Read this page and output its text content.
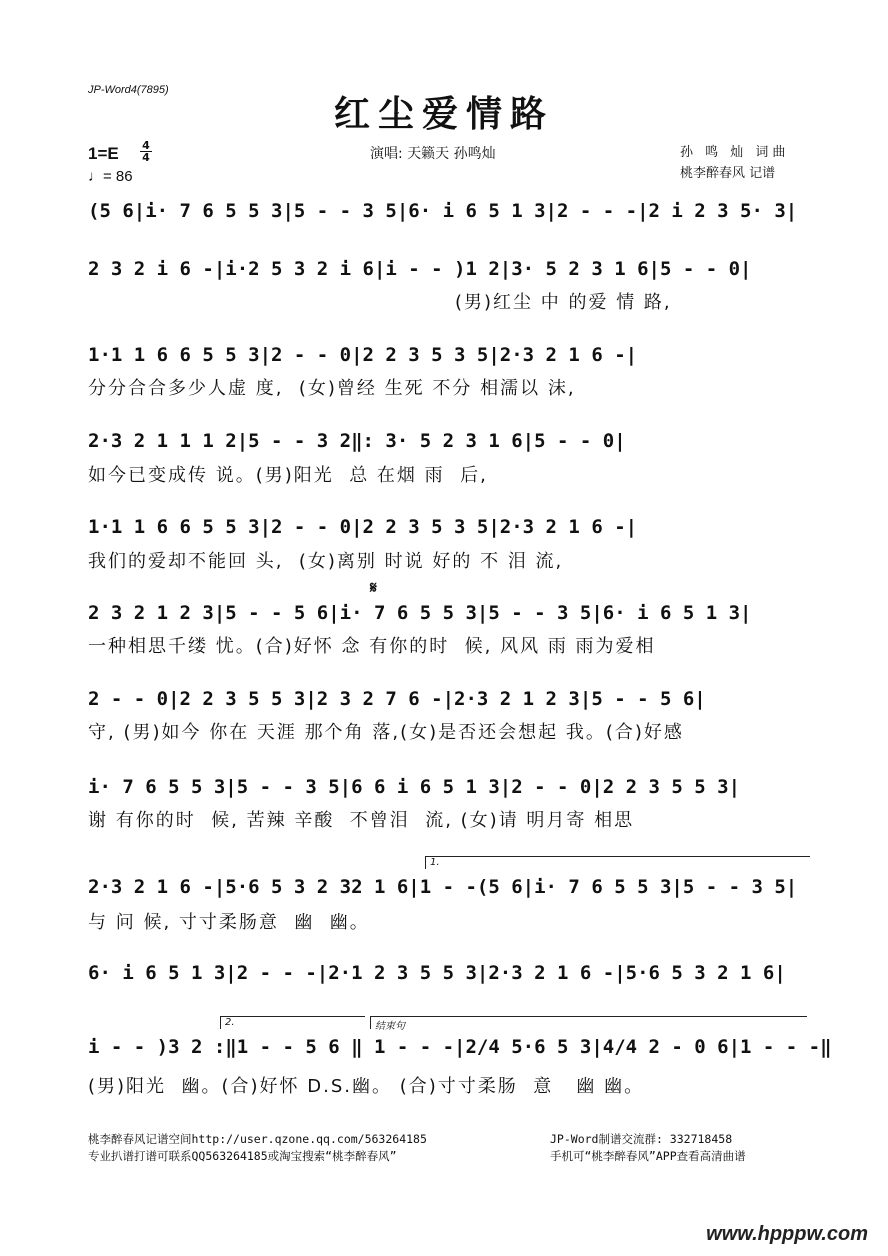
JP-Word4(7895)
红尘爱情路
$1=E \frac{4}{4}$
♩= 86
演唱: 天籁天 孙鸣灿	孙 鸣 灿 词曲
桃李醉春风 记谱
(5 6|i· 7 6 5 5 3|5 - - 3 5|6· i 6 5 1 3|2 - - -|2 i 2 3 5· 3|
2 3 2 i 6 -|i·2 5 3 2 i 6|i - - )1 2|3· 5 2 3 1 6|5 - - 0|
(男)红尘 中 的爱 情 路,
1·1 1 6 6 5 5 3|2 - - 0|2 2 3 5 3 5|2·3 2 1 6 -|
分分合合多少人虚 度,  (女)曾经 生死 不分 相濡以 沫,
2·3 2 1 1 1 2|5 - - 3 2‖: 3· 5 2 3 1 6|5 - - 0|
如今已变成传 说。(男)阳光  总 在烟 雨  后,
1·1 1 6 6 5 5 3|2 - - 0|2 2 3 5 3 5|2·3 2 1 6 -|
我们的爱却不能回 头,  (女)离别 时说 好的 不 泪 流,
𝄋
2 3 2 1 2 3|5 - - 5 6|i· 7 6 5 5 3|5 - - 3 5|6· i 6 5 1 3|
一种相思千缕 忧。(合)好怀 念 有你的时  候, 风风 雨 雨为爱相
2 - - 0|2 2 3 5 5 3|2 3 2 7 6 -|2·3 2 1 2 3|5 - - 5 6|
守, (男)如今 你在 天涯 那个角 落,(女)是否还会想起 我。(合)好感
i· 7 6 5 5 3|5 - - 3 5|6 6 i 6 5 1 3|2 - - 0|2 2 3 5 5 3|
谢 有你的时  候, 苦辣 辛酸  不曾泪  流, (女)请 明月寄 相思
1.
2·3 2 1 6 -|5·6 5 3 2 32 1 6|1 - -(5 6|i· 7 6 5 5 3|5 - - 3 5|
与 问 候, 寸寸柔肠意  幽  幽。
6· i 6 5 1 3|2 - - -|2·1 2 3 5 5 3|2·3 2 1 6 -|5·6 5 3 2 1 6|
2.	结束句
i - - )3 2 :‖1 - - 5 6 ‖ 1 - - -|2/4 5·6 5 3|4/4 2 - 0 6|1 - - -‖
(男)阳光  幽。(合)好怀 D.S.幽。 (合)寸寸柔肠  意   幽 幽。
桃李醉春风记谱空间http://user.qzone.qq.com/563264185
专业扒谱打谱可联系QQ563264185或淘宝搜索“桃李醉春风”
JP-Word制谱交流群: 332718458
手机可“桃李醉春风”APP查看高清曲谱
www.hpppw.com
